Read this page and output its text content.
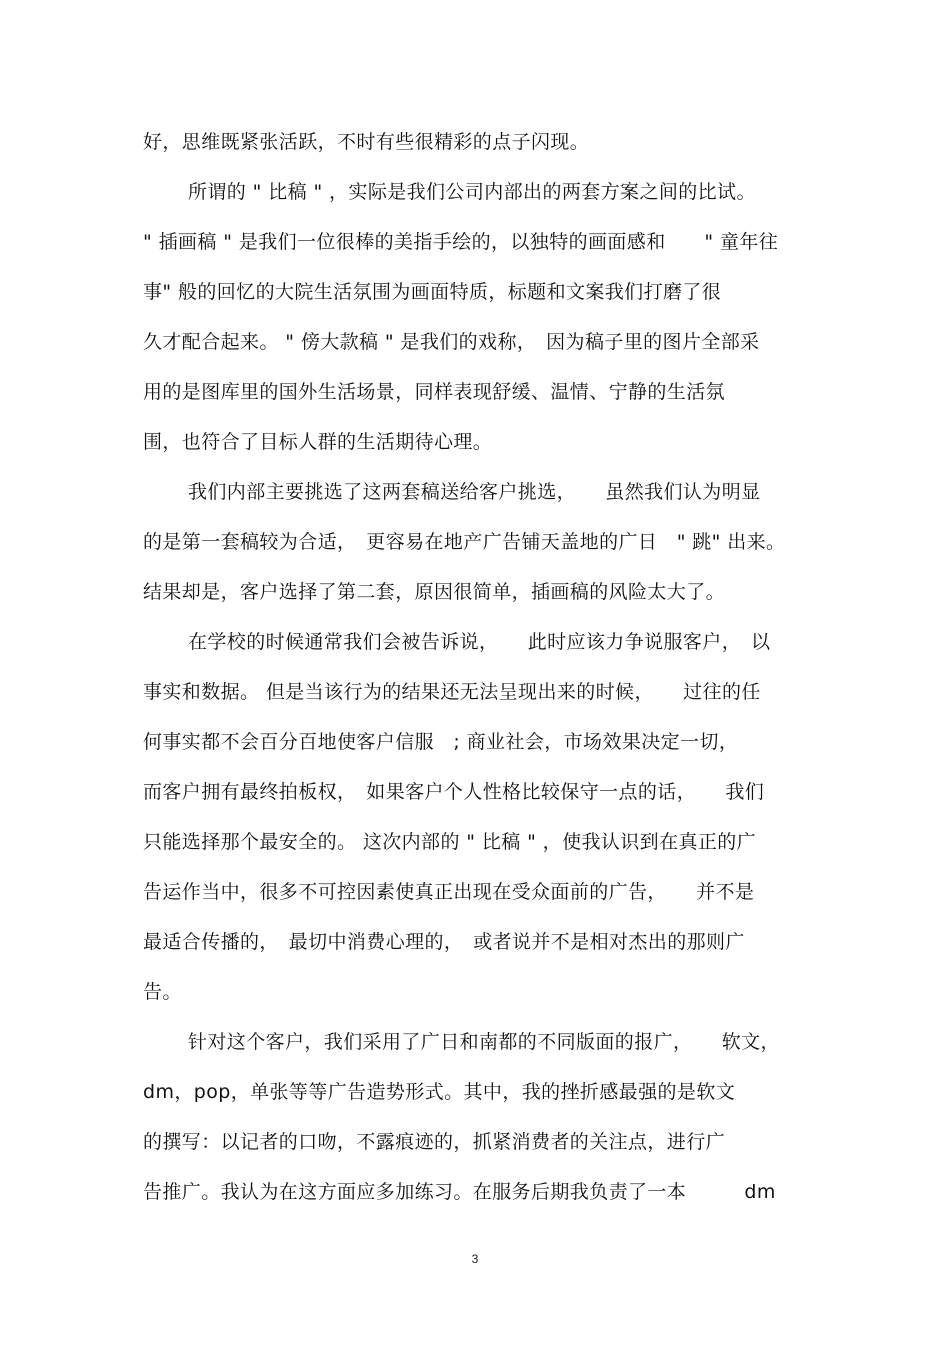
好，思维既紧张活跃，不时有些很精彩的点子闪现。
所谓的 " 比稿 " ，实际是我们公司内部出的两套方案之间的比试。
" 插画稿 " 是我们一位很棒的美指手绘的，以独特的画面感和　　" 童年往
事" 般的回忆的大院生活氛围为画面特质，标题和文案我们打磨了很
久才配合起来。 " 傍大款稿 " 是我们的戏称，　因为稿子里的图片全部采
用的是图库里的国外生活场景，同样表现舒缓、温情、宁静的生活氛
围，也符合了目标人群的生活期待心理。
我们内部主要挑选了这两套稿送给客户挑选，　　虽然我们认为明显
的是第一套稿较为合适，　更容易在地产广告铺天盖地的广日　" 跳" 出来。
结果却是，客户选择了第二套，原因很简单，插画稿的风险太大了。
在学校的时候通常我们会被告诉说，　　此时应该力争说服客户，　以
事实和数据。 但是当该行为的结果还无法呈现出来的时候，　　过往的任
何事实都不会百分百地使客户信服　; 商业社会，市场效果决定一切，
而客户拥有最终拍板权，　如果客户个人性格比较保守一点的话，　　我们
只能选择那个最安全的。 这次内部的 " 比稿 " ，使我认识到在真正的广
告运作当中，很多不可控因素使真正出现在受众面前的广告，　　并不是
最适合传播的，　最切中消费心理的，　或者说并不是相对杰出的那则广
告。
针对这个客户，我们采用了广日和南都的不同版面的报广，　　软文，
dm，pop，单张等等广告造势形式。其中，我的挫折感最强的是软文
的撰写：以记者的口吻，不露痕迹的，抓紧消费者的关注点，进行广
告推广。我认为在这方面应多加练习。在服务后期我负责了一本　　　dm
3
